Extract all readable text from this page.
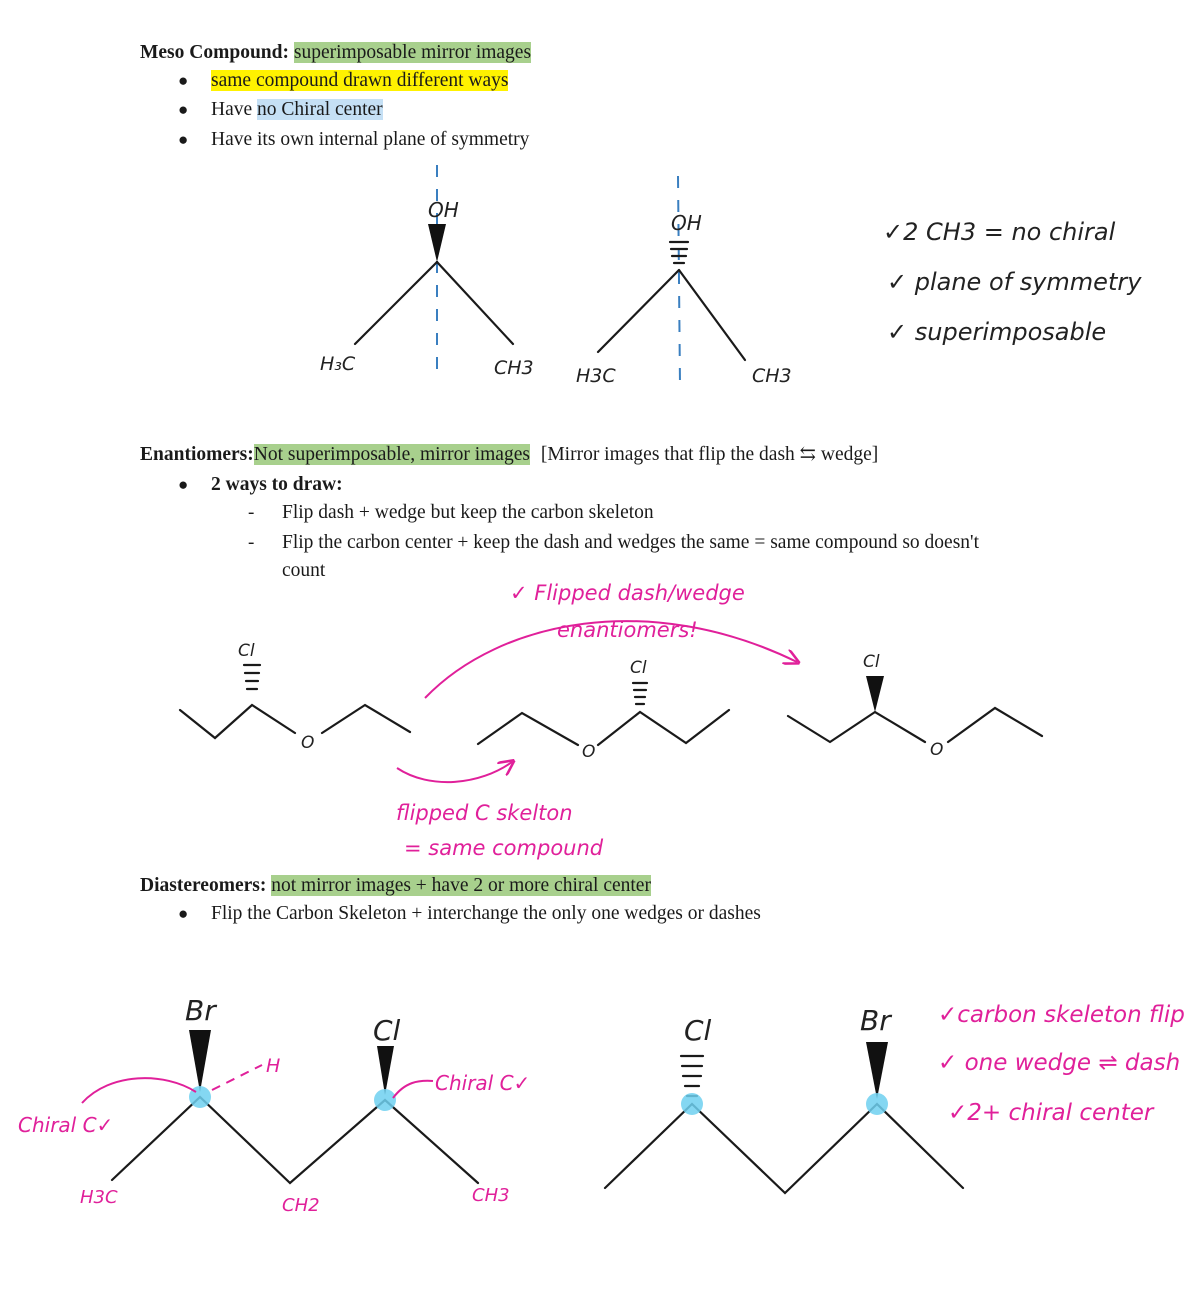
Meso Compound: superimposable mirror images
● same compound drawn different ways
● Have no Chiral center
● Have its own internal plane of symmetry
Enantiomers:Not superimposable, mirror images [Mirror images that flip the dash ⇆ wedge]
● 2 ways to draw:
- Flip dash + wedge but keep the carbon skeleton
- Flip the carbon center + keep the dash and wedges the same = same compound so doesn't
count
Diastereomers: not mirror images + have 2 or more chiral center
● Flip the Carbon Skeleton + interchange the only one wedges or dashes
OH
H₃C	CH3
OH
H3C	CH3
✓2 CH3 = no chiral
✓ plane of symmetry
✓ superimposable
Cl
O
Cl
O
Cl
O
✓ Flipped dash/wedge
enantiomers!
flipped C skelton
= same compound
Br
H
Cl
Chiral C✓
Chiral C✓
H3C	CH2	CH3
Cl	Br ✓carbon skeleton flip
✓ one wedge ⇌ dash
✓2+ chiral center
